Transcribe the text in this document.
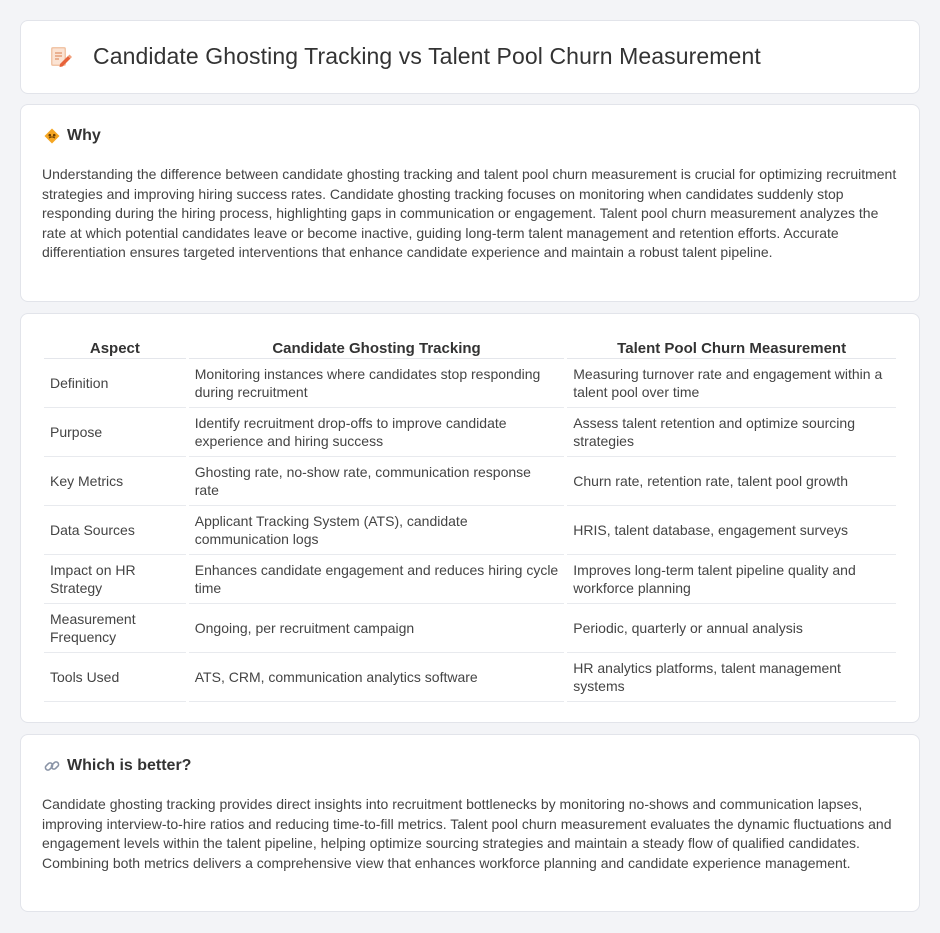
Candidate Ghosting Tracking vs Talent Pool Churn Measurement
Why

Understanding the difference between candidate ghosting tracking and talent pool churn measurement is crucial for optimizing recruitment strategies and improving hiring success rates. Candidate ghosting tracking focuses on monitoring when candidates suddenly stop responding during the hiring process, highlighting gaps in communication or engagement. Talent pool churn measurement analyzes the rate at which potential candidates leave or become inactive, guiding long-term talent management and retention efforts. Accurate differentiation ensures targeted interventions that enhance candidate experience and maintain a robust talent pipeline.

Aspect	Candidate Ghosting Tracking	Talent Pool Churn Measurement
Definition	Monitoring instances where candidates stop responding during recruitment	Measuring turnover rate and engagement within a talent pool over time
Purpose	Identify recruitment drop-offs to improve candidate experience and hiring success	Assess talent retention and optimize sourcing strategies
Key Metrics	Ghosting rate, no-show rate, communication response rate	Churn rate, retention rate, talent pool growth
Data Sources	Applicant Tracking System (ATS), candidate communication logs	HRIS, talent database, engagement surveys
Impact on HR Strategy	Enhances candidate engagement and reduces hiring cycle time	Improves long-term talent pipeline quality and workforce planning
Measurement Frequency	Ongoing, per recruitment campaign	Periodic, quarterly or annual analysis
Tools Used	ATS, CRM, communication analytics software	HR analytics platforms, talent management systems
Which is better?

Candidate ghosting tracking provides direct insights into recruitment bottlenecks by monitoring no-shows and communication lapses, improving interview-to-hire ratios and reducing time-to-fill metrics. Talent pool churn measurement evaluates the dynamic fluctuations and engagement levels within the talent pipeline, helping optimize sourcing strategies and maintain a steady flow of qualified candidates. Combining both metrics delivers a comprehensive view that enhances workforce planning and candidate experience management.
